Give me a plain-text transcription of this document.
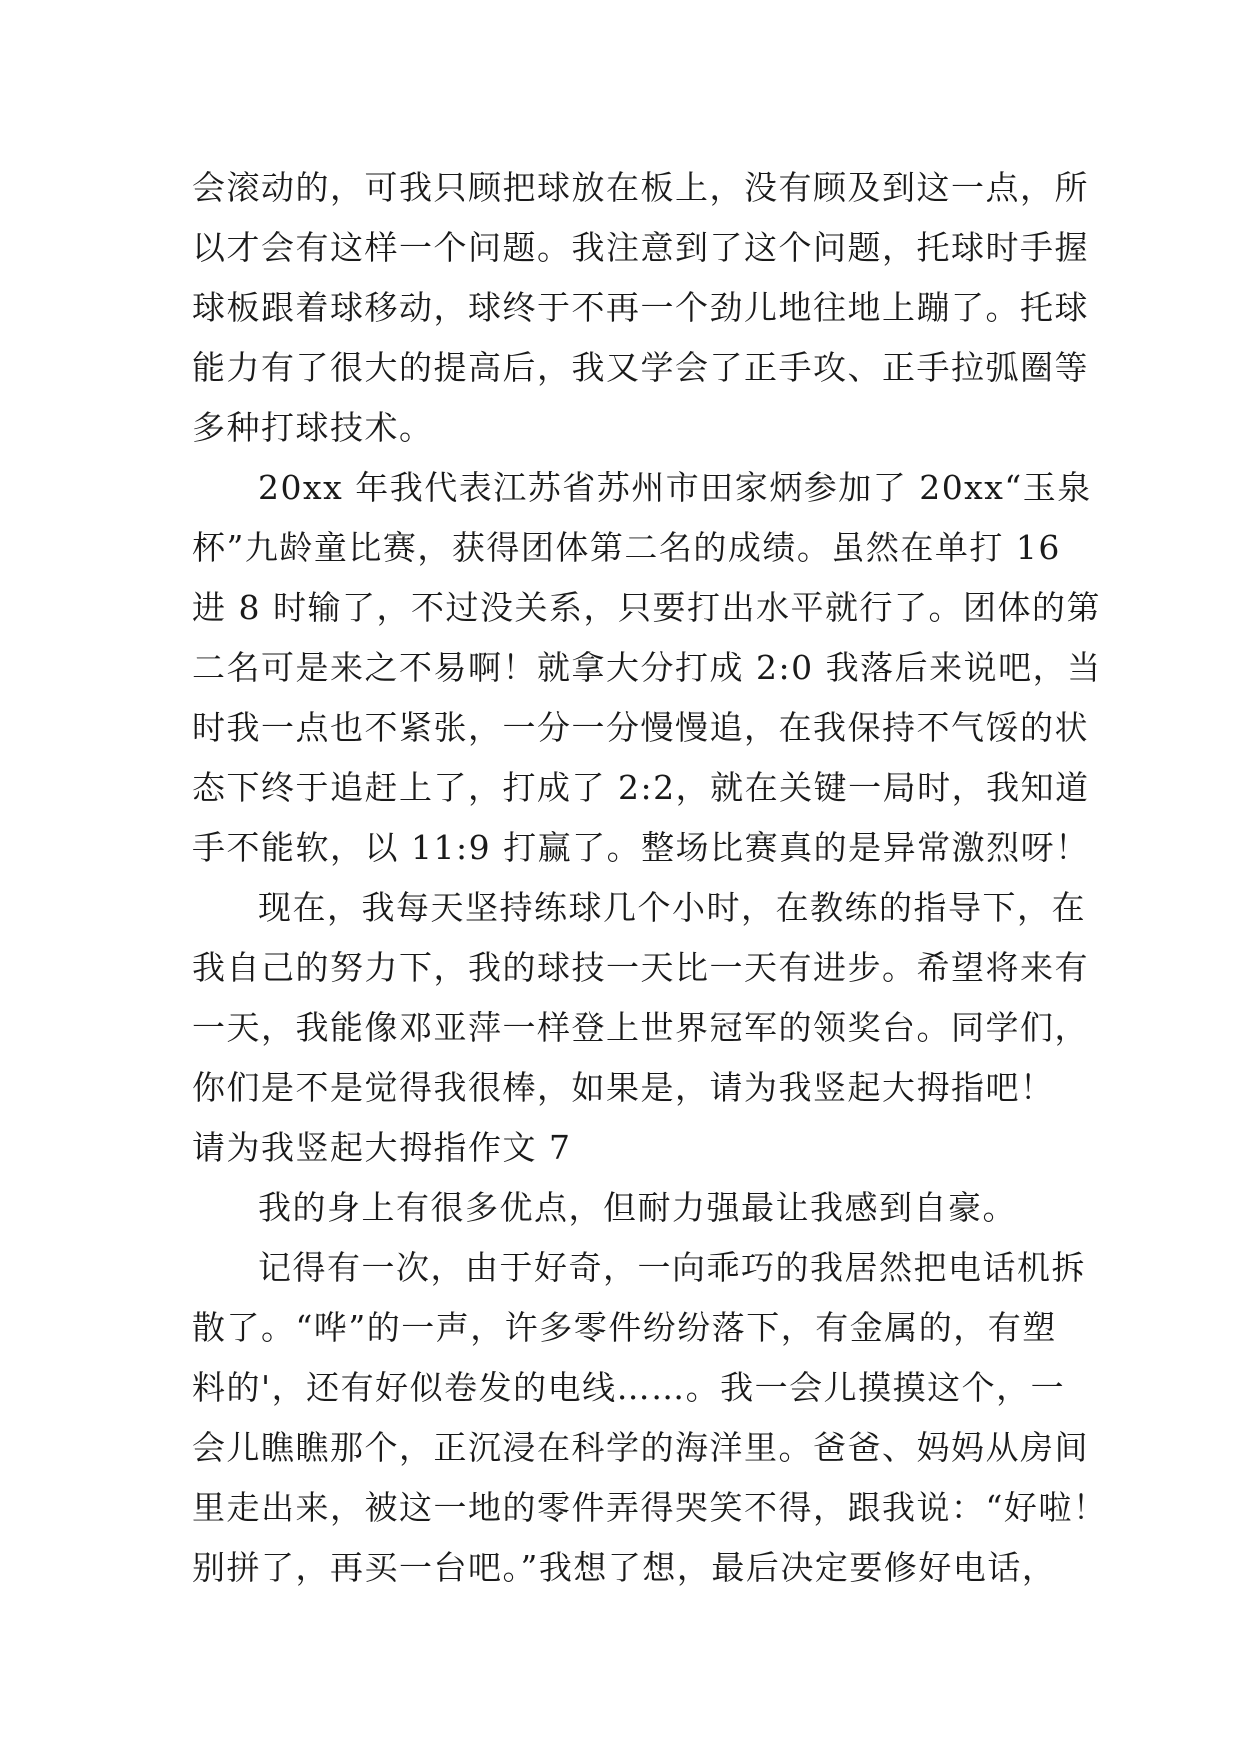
会滚动的，可我只顾把球放在板上，没有顾及到这一点，所
以才会有这样一个问题。我注意到了这个问题，托球时手握
球板跟着球移动，球终于不再一个劲儿地往地上蹦了。托球
能力有了很大的提高后，我又学会了正手攻、正手拉弧圈等
多种打球技术。
20xx 年我代表江苏省苏州市田家炳参加了 20xx“玉泉
杯”九龄童比赛，获得团体第二名的成绩。虽然在单打 16
进 8 时输了，不过没关系，只要打出水平就行了。团体的第
二名可是来之不易啊！就拿大分打成 2:0 我落后来说吧，当
时我一点也不紧张，一分一分慢慢追，在我保持不气馁的状
态下终于追赶上了，打成了 2:2，就在关键一局时，我知道
手不能软，以 11:9 打赢了。整场比赛真的是异常激烈呀！
现在，我每天坚持练球几个小时，在教练的指导下，在
我自己的努力下，我的球技一天比一天有进步。希望将来有
一天，我能像邓亚萍一样登上世界冠军的领奖台。同学们，
你们是不是觉得我很棒，如果是，请为我竖起大拇指吧！
请为我竖起大拇指作文 7
我的身上有很多优点，但耐力强最让我感到自豪。
记得有一次，由于好奇，一向乖巧的我居然把电话机拆
散了。“哗”的一声，许多零件纷纷落下，有金属的，有塑
料的'，还有好似卷发的电线……。我一会儿摸摸这个，一
会儿瞧瞧那个，正沉浸在科学的海洋里。爸爸、妈妈从房间
里走出来，被这一地的零件弄得哭笑不得，跟我说：“好啦！
别拼了，再买一台吧。”我想了想，最后决定要修好电话，
